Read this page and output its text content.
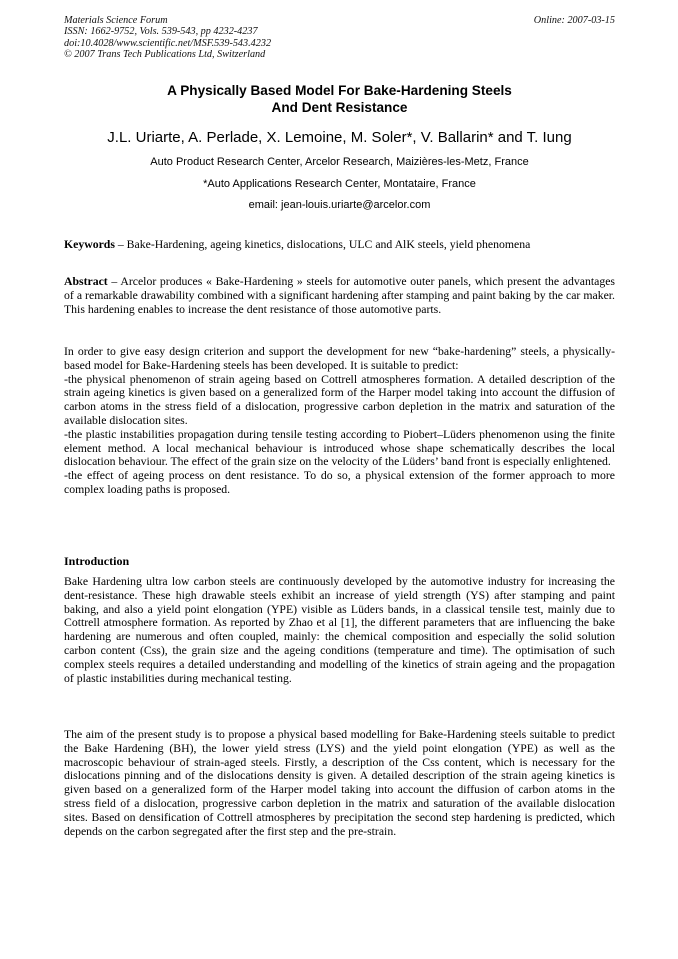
Materials Science Forum
ISSN: 1662-9752, Vols. 539-543, pp 4232-4237
doi:10.4028/www.scientific.net/MSF.539-543.4232
© 2007 Trans Tech Publications Ltd, Switzerland
Online: 2007-03-15
A Physically Based Model For Bake-Hardening Steels
And Dent Resistance
J.L. Uriarte, A. Perlade, X. Lemoine, M. Soler*, V. Ballarin* and T. Iung
Auto Product Research Center, Arcelor Research, Maizières-les-Metz, France
*Auto Applications Research Center, Montataire, France
email: jean-louis.uriarte@arcelor.com

Keywords – Bake-Hardening, ageing kinetics, dislocations, ULC and AlK steels, yield phenomena

Abstract – Arcelor produces « Bake-Hardening » steels for automotive outer panels, which present the advantages of a remarkable drawability combined with a significant hardening after stamping and paint baking by the car maker. This hardening enables to increase the dent resistance of those automotive parts.

In order to give easy design criterion and support the development for new “bake-hardening” steels, a physically-based model for Bake-Hardening steels has been developed. It is suitable to predict:
-the physical phenomenon of strain ageing based on Cottrell atmospheres formation. A detailed description of the strain ageing kinetics is given based on a generalized form of the Harper model taking into account the diffusion of carbon atoms in the stress field of a dislocation, progressive carbon depletion in the matrix and saturation of the available dislocation sites.
-the plastic instabilities propagation during tensile testing according to Piobert–Lüders phenomenon using the finite element method. A local mechanical behaviour is introduced whose shape schematically describes the local dislocation behaviour. The effect of the grain size on the velocity of the Lüders’ band front is especially enlightened.
-the effect of ageing process on dent resistance. To do so, a physical extension of the former approach to more complex loading paths is proposed.
Introduction

Bake Hardening ultra low carbon steels are continuously developed by the automotive industry for increasing the dent-resistance. These high drawable steels exhibit an increase of yield strength (YS) after stamping and paint baking, and also a yield point elongation (YPE) visible as Lüders bands, in a classical tensile test, mainly due to Cottrell atmosphere formation. As reported by Zhao et al [1], the different parameters that are influencing the bake hardening are numerous and often coupled, mainly: the chemical composition and especially the solid solution carbon content (Css), the grain size and the ageing conditions (temperature and time). The optimisation of such complex steels requires a detailed understanding and modelling of the kinetics of strain ageing and the propagation of plastic instabilities during mechanical testing.

The aim of the present study is to propose a physical based modelling for Bake-Hardening steels suitable to predict the Bake Hardening (BH), the lower yield stress (LYS) and the yield point elongation (YPE) as well as the macroscopic behaviour of strain-aged steels. Firstly, a description of the Css content, which is necessary for the dislocations pinning and of the dislocations density is given. A detailed description of the strain ageing kinetics is given based on a generalized form of the Harper model taking into account the diffusion of carbon atoms in the stress field of a dislocation, progressive carbon depletion in the matrix and saturation of the available dislocation sites. Based on densification of Cottrell atmospheres by precipitation the second step hardening is predicted, which depends on the carbon segregated after the first step and the pre-strain.
